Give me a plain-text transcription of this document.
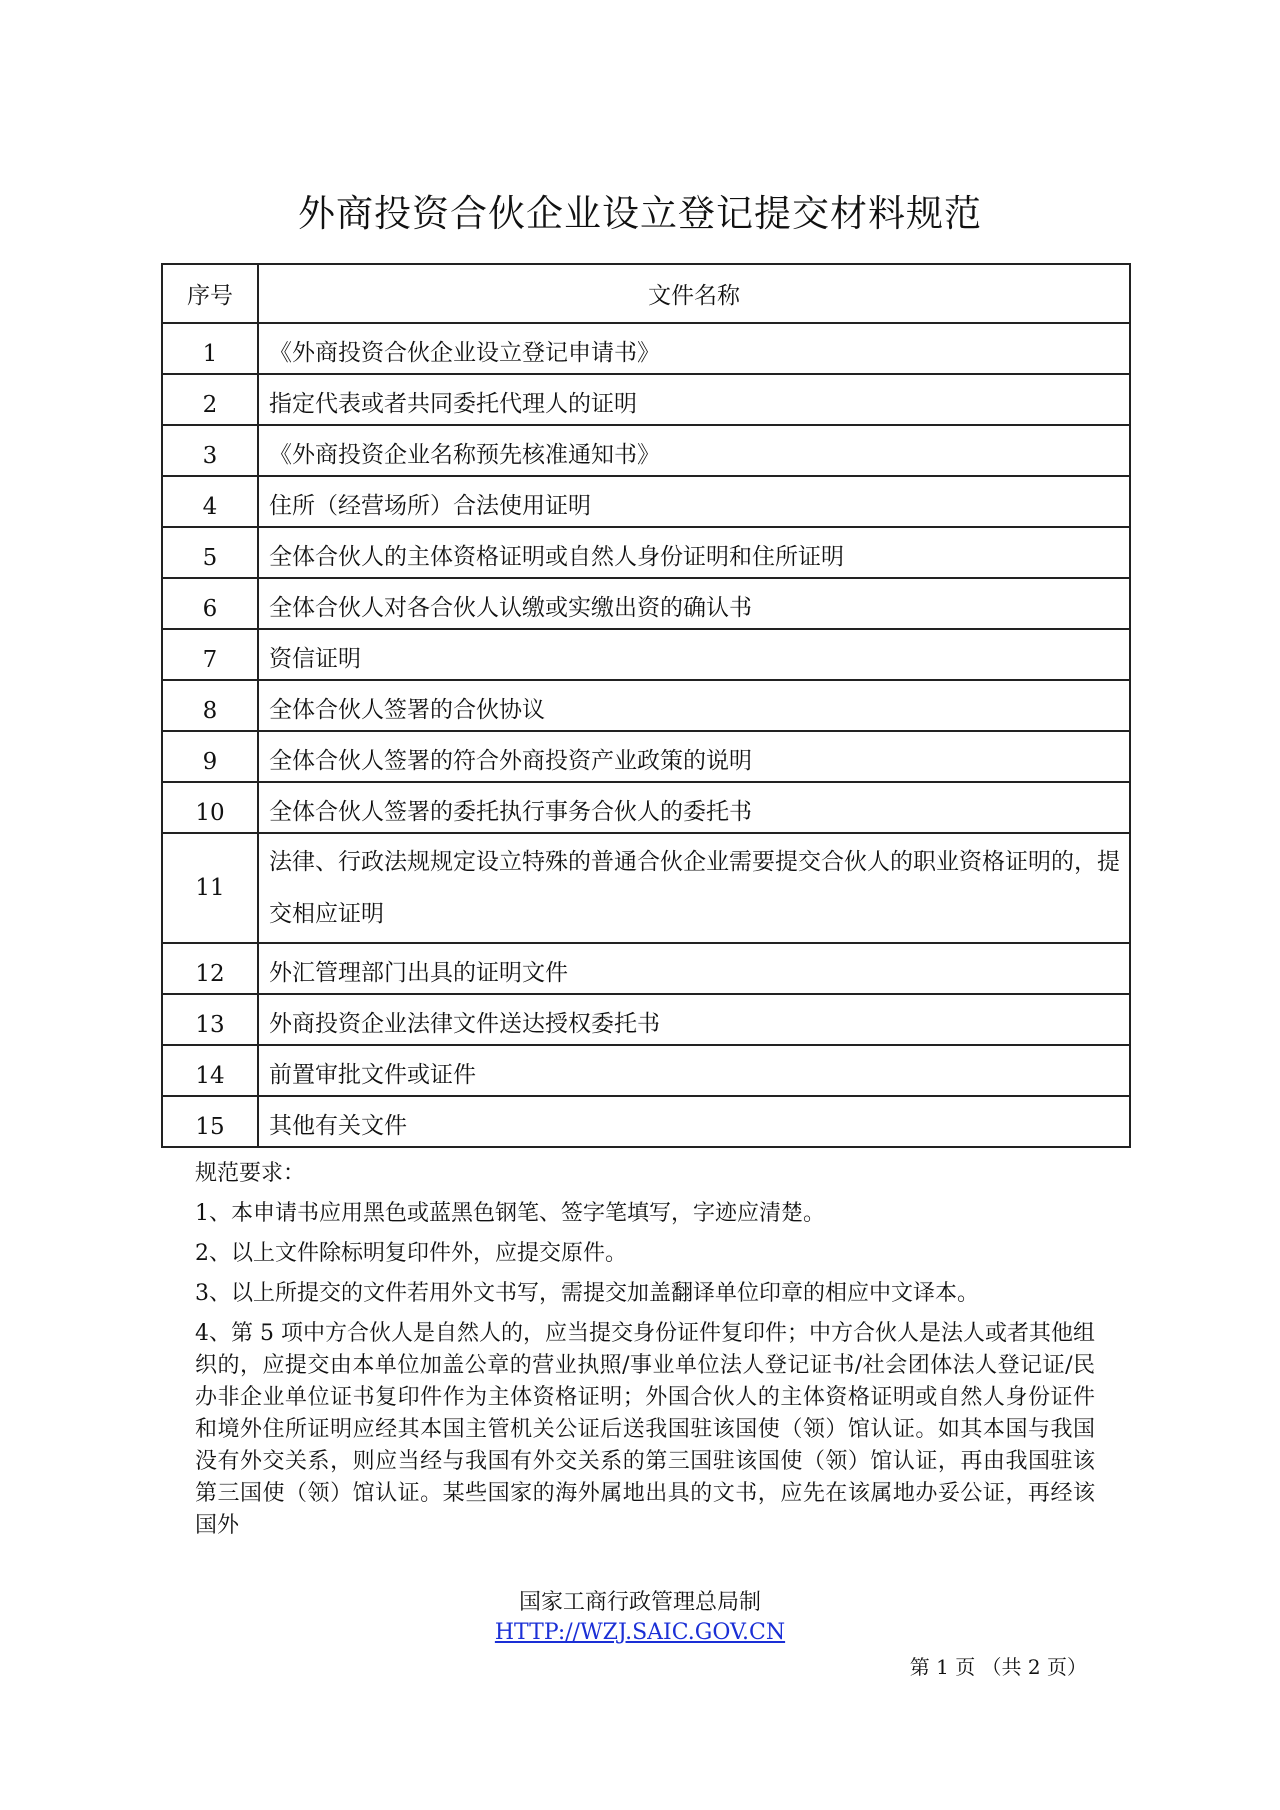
外商投资合伙企业设立登记提交材料规范
序号	文件名称
1	《外商投资合伙企业设立登记申请书》
2	指定代表或者共同委托代理人的证明
3	《外商投资企业名称预先核准通知书》
4	住所（经营场所）合法使用证明
5	全体合伙人的主体资格证明或自然人身份证明和住所证明
6	全体合伙人对各合伙人认缴或实缴出资的确认书
7	资信证明
8	全体合伙人签署的合伙协议
9	全体合伙人签署的符合外商投资产业政策的说明
10	全体合伙人签署的委托执行事务合伙人的委托书
11	法律、行政法规规定设立特殊的普通合伙企业需要提交合伙人的职业资格证明的，提交相应证明
12	外汇管理部门出具的证明文件
13	外商投资企业法律文件送达授权委托书
14	前置审批文件或证件
15	其他有关文件

规范要求：

1、本申请书应用黑色或蓝黑色钢笔、签字笔填写，字迹应清楚。

2、以上文件除标明复印件外，应提交原件。

3、以上所提交的文件若用外文书写，需提交加盖翻译单位印章的相应中文译本。

4、第 5 项中方合伙人是自然人的，应当提交身份证件复印件；中方合伙人是法人或者其他组织的，应提交由本单位加盖公章的营业执照/事业单位法人登记证书/社会团体法人登记证/民办非企业单位证书复印件作为主体资格证明；外国合伙人的主体资格证明或自然人身份证件和境外住所证明应经其本国主管机关公证后送我国驻该国使（领）馆认证。如其本国与我国没有外交关系，则应当经与我国有外交关系的第三国驻该国使（领）馆认证，再由我国驻该第三国使（领）馆认证。某些国家的海外属地出具的文书，应先在该属地办妥公证，再经该国外

国家工商行政管理总局制

HTTP://WZJ.SAIC.GOV.CN
第 1 页 （共 2 页）
